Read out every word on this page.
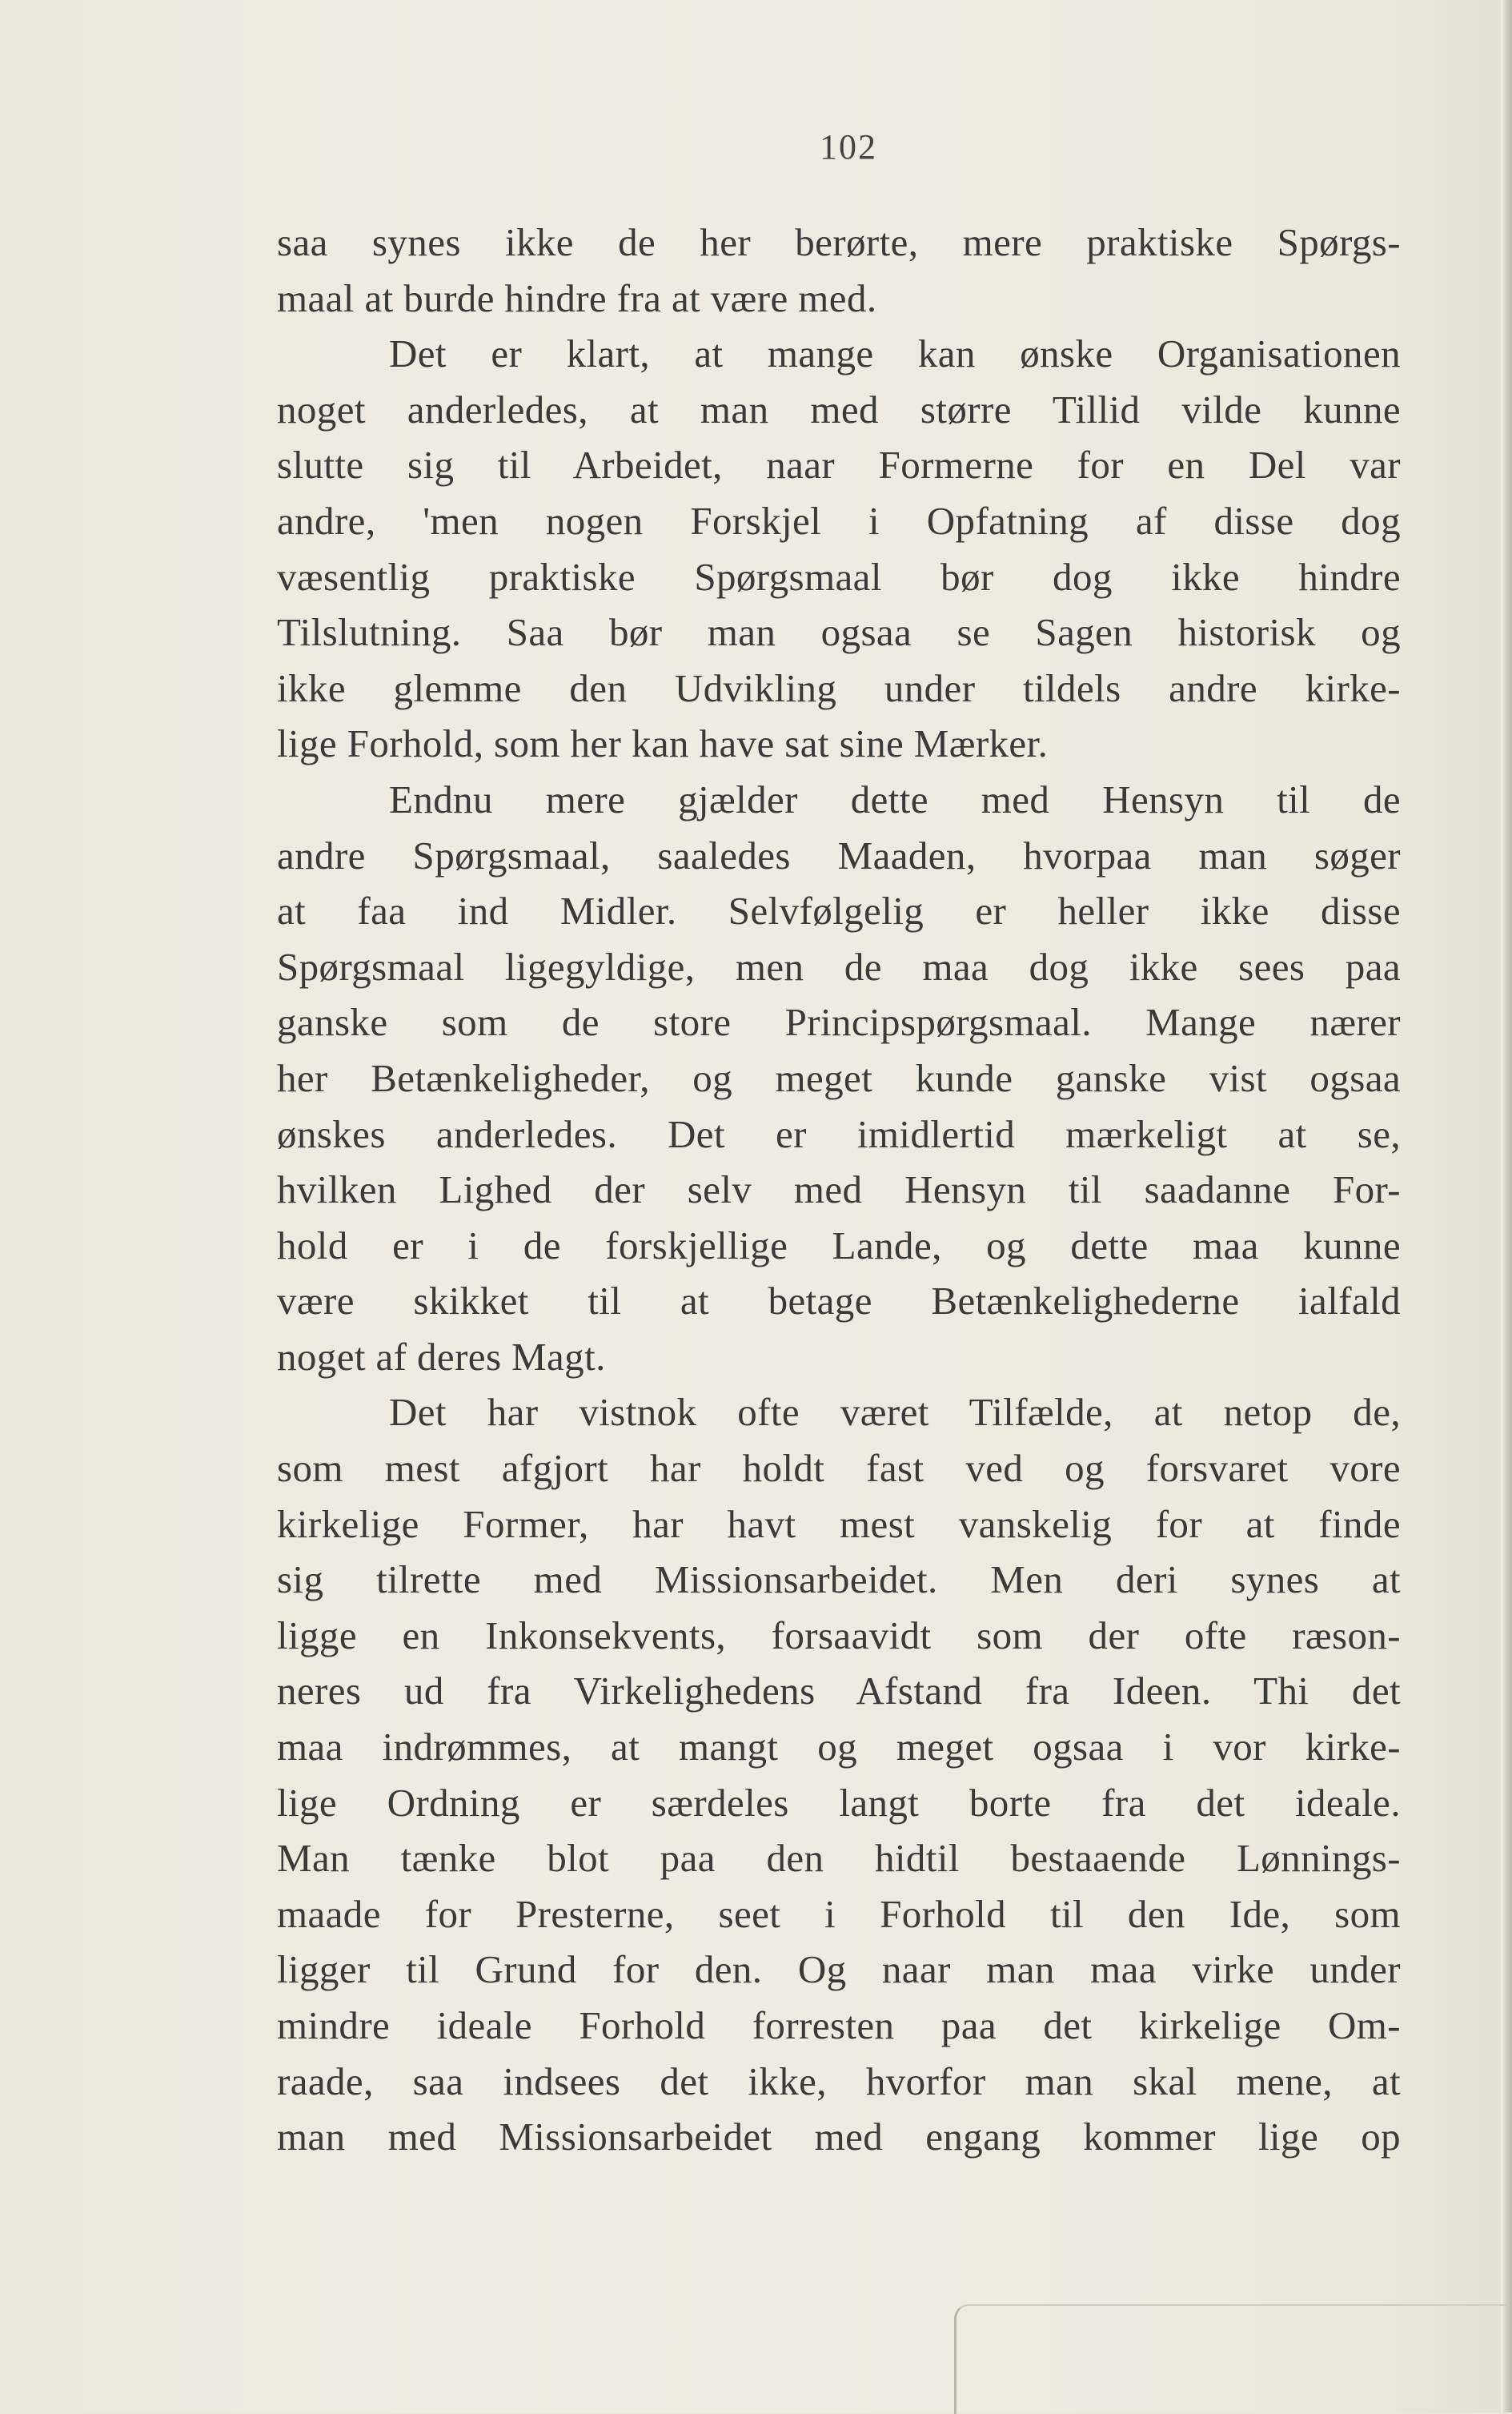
102
saa synes ikke de her berørte, mere praktiske Spørgs-
maal at burde hindre fra at være med.
Det er klart, at mange kan ønske Organisationen
noget anderledes, at man med større Tillid vilde kunne
slutte sig til Arbeidet, naar Formerne for en Del var
andre, 'men nogen Forskjel i Opfatning af disse dog
væsentlig praktiske Spørgsmaal bør dog ikke hindre
Tilslutning. Saa bør man ogsaa se Sagen historisk og
ikke glemme den Udvikling under tildels andre kirke-
lige Forhold, som her kan have sat sine Mærker.
Endnu mere gjælder dette med Hensyn til de
andre Spørgsmaal, saaledes Maaden, hvorpaa man søger
at faa ind Midler. Selvfølgelig er heller ikke disse
Spørgsmaal ligegyldige, men de maa dog ikke sees paa
ganske som de store Principspørgsmaal. Mange nærer
her Betænkeligheder, og meget kunde ganske vist ogsaa
ønskes anderledes. Det er imidlertid mærkeligt at se,
hvilken Lighed der selv med Hensyn til saadanne For-
hold er i de forskjellige Lande, og dette maa kunne
være skikket til at betage Betænkelighederne ialfald
noget af deres Magt.
Det har vistnok ofte været Tilfælde, at netop de,
som mest afgjort har holdt fast ved og forsvaret vore
kirkelige Former, har havt mest vanskelig for at finde
sig tilrette med Missionsarbeidet. Men deri synes at
ligge en Inkonsekvents, forsaavidt som der ofte ræson-
neres ud fra Virkelighedens Afstand fra Ideen. Thi det
maa indrømmes, at mangt og meget ogsaa i vor kirke-
lige Ordning er særdeles langt borte fra det ideale.
Man tænke blot paa den hidtil bestaaende Lønnings-
maade for Presterne, seet i Forhold til den Ide, som
ligger til Grund for den. Og naar man maa virke under
mindre ideale Forhold forresten paa det kirkelige Om-
raade, saa indsees det ikke, hvorfor man skal mene, at
man med Missionsarbeidet med engang kommer lige op
